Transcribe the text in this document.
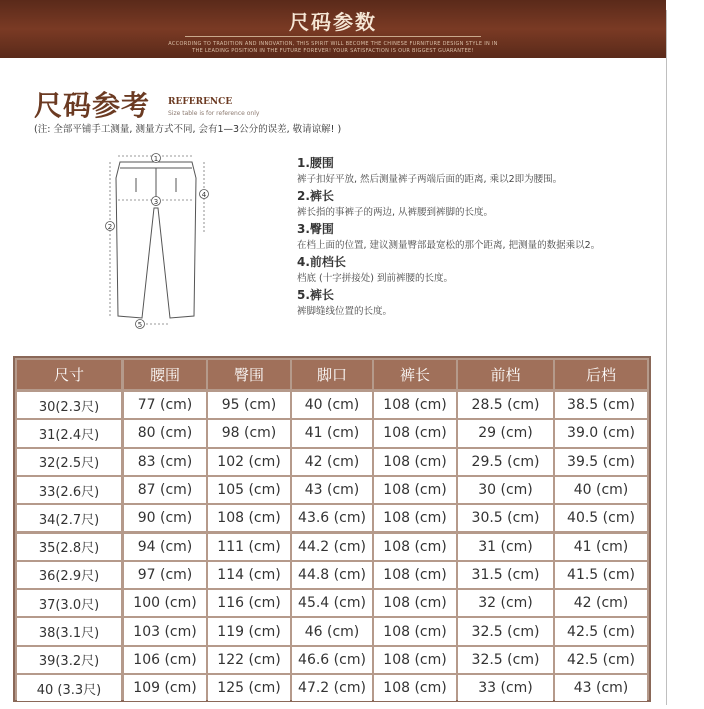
尺码参数
ACCORDING TO TRADITION AND INNOVATION, THIS SPIRIT WILL BECOME THE CHINESE FURNITURE DESIGN STYLE IN IN
THE LEADING POSITION IN THE FUTURE FOREVER! YOUR SATISFACTION IS OUR BIGGEST GUARANTEE!
尺码参考 REFERENCE
Size table is for reference only
(注: 全部平铺手工测量, 测量方式不同, 会有1—3公分的误差, 敬请谅解! )
1
2
3
4
5
1.腰围
裤子扣好平放, 然后测量裤子两端后面的距离, 乘以2即为腰围。
2.裤长
裤长指的事裤子的两边, 从裤腰到裤脚的长度。
3.臀围
在档上面的位置, 建议测量臀部最宽松的那个距离, 把测量的数据乘以2。
4.前档长
档底 (十字拼接处) 到前裤腰的长度。
5.裤长
裤脚缝线位置的长度。
尺寸	腰围	臀围	脚口	裤长	前档	后档
30(2.3尺)	77 (cm)	95 (cm)	40 (cm)	108 (cm)	28.5 (cm)	38.5 (cm)
31(2.4尺)	80 (cm)	98 (cm)	41 (cm)	108 (cm)	29 (cm)	39.0 (cm)
32(2.5尺)	83 (cm)	102 (cm)	42 (cm)	108 (cm)	29.5 (cm)	39.5 (cm)
33(2.6尺)	87 (cm)	105 (cm)	43 (cm)	108 (cm)	30 (cm)	40 (cm)
34(2.7尺)	90 (cm)	108 (cm)	43.6 (cm)	108 (cm)	30.5 (cm)	40.5 (cm)
35(2.8尺)	94 (cm)	111 (cm)	44.2 (cm)	108 (cm)	31 (cm)	41 (cm)
36(2.9尺)	97 (cm)	114 (cm)	44.8 (cm)	108 (cm)	31.5 (cm)	41.5 (cm)
37(3.0尺)	100 (cm)	116 (cm)	45.4 (cm)	108 (cm)	32 (cm)	42 (cm)
38(3.1尺)	103 (cm)	119 (cm)	46 (cm)	108 (cm)	32.5 (cm)	42.5 (cm)
39(3.2尺)	106 (cm)	122 (cm)	46.6 (cm)	108 (cm)	32.5 (cm)	42.5 (cm)
40 (3.3尺)	109 (cm)	125 (cm)	47.2 (cm)	108 (cm)	33 (cm)	43 (cm)
